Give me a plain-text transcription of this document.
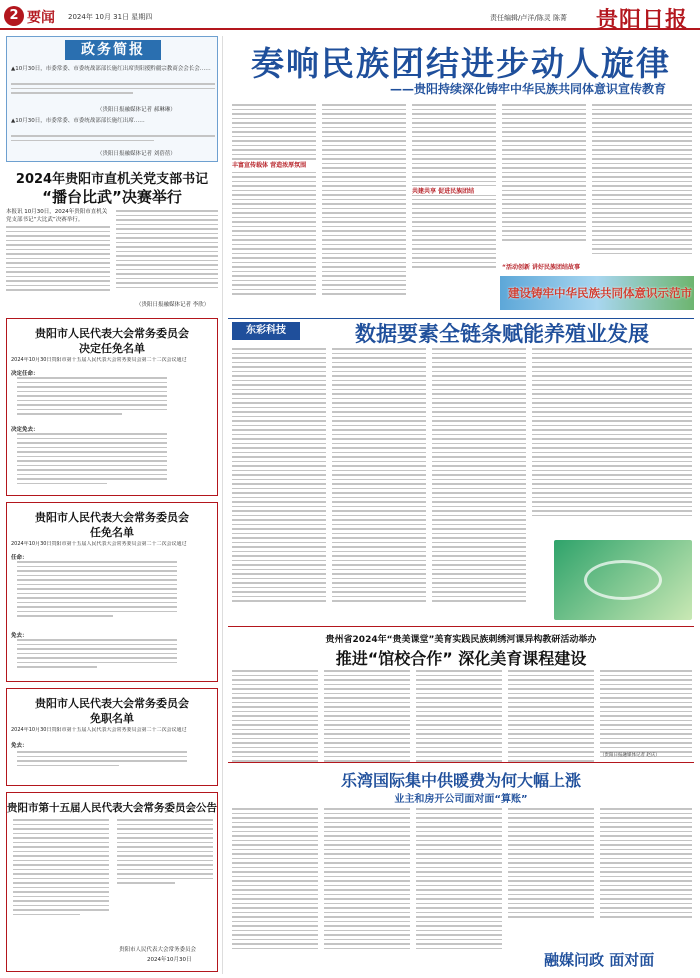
2 要闻 2024年 10月 31日 星期四	责任编辑/卢洋/陈灵 陈菁 贵阳日报
政务简报
▲10月30日，市委常委、市委统战部部长施红出席贵阳援黔疆宗教商会会长会……
（贵阳日报融媒体记者 郝琳琳）
▲10月30日，市委常委、市委统战部部长施红出席……
（贵阳日报融媒体记者 刘蓓蓓）
2024年贵阳市直机关党支部书记
“播台比武”决赛举行
本报讯 10月30日，2024年贵阳市直机关党支部书记“大比武”决赛举行。
（贵阳日报融媒体记者 李欣）
贵阳市人民代表大会常务委员会
决定任免名单
2024年10月30日贵阳市第十五届人民代表大会常务委员会第二十二次会议通过
决定任命：
决定免去：
贵阳市人民代表大会常务委员会
任免名单
2024年10月30日贵阳市第十五届人民代表大会常务委员会第二十二次会议通过
任命：
免去：
贵阳市人民代表大会常务委员会
免职名单
2024年10月30日贵阳市第十五届人民代表大会常务委员会第二十二次会议通过
免去：
贵阳市第十五届人民代表大会常务委员会公告
贵阳市人民代表大会常务委员会
2024年10月30日
奏响民族团结进步动人旋律
——贵阳持续深化铸牢中华民族共同体意识宣传教育
丰富宣传载体 营造浓厚氛围
共建共享 促进民族团结
“活动创新 讲好民族团结故事
建设铸牢中华民族共同体意识示范市
东彩科技	数据要素全链条赋能养殖业发展
贵州省2024年“贵美课堂”美育实践民族刺绣河课异构教研活动举办
推进“馆校合作” 深化美育课程建设
（贵阳日报融媒体记者 赵庆）
乐湾国际集中供暖费为何大幅上涨
业主和房开公司面对面“算账”
融媒问政 面对面
